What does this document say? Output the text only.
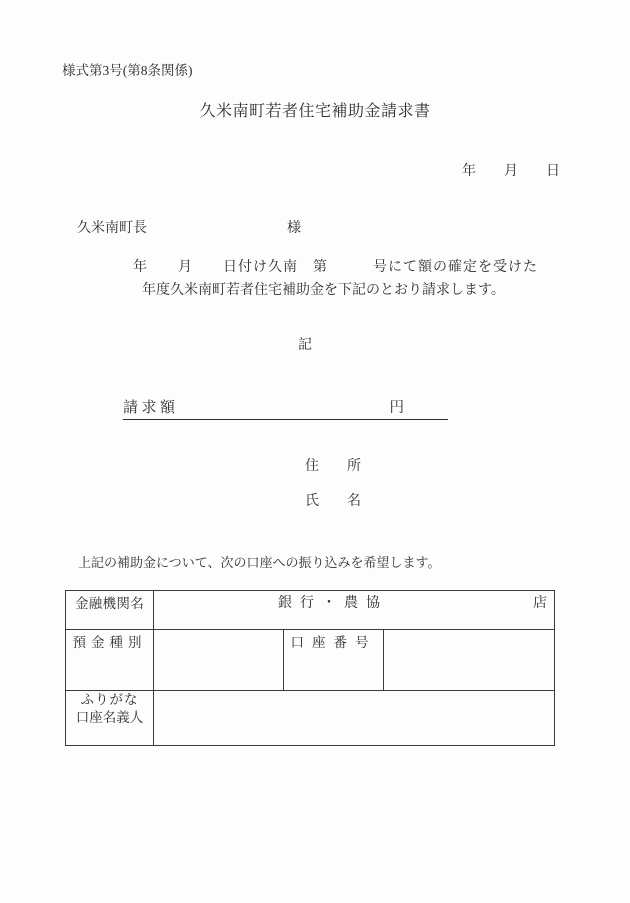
様式第3号(第8条関係)
久米南町若者住宅補助金請求書
年　　月　　日

久米南町長	様

年　　月　　日付け久南　第　　　号にて額の確定を受けた
年度久米南町若者住宅補助金を下記のとおり請求します。
記
請求額	円
住　所
氏　名
上記の補助金について、次の口座への振り込みを希望します。
金融機関名	銀行・農協 店		

預金種別		口座番号	

ふりがな
口座名義人			
